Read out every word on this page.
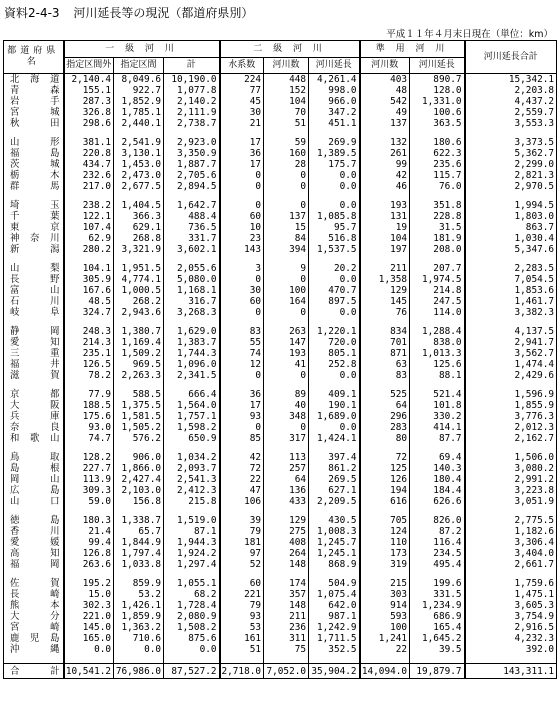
資料2-4-3 河川延長等の現況（都道府県別）
平成１１年４月末日現在（単位：km）
都道府県名	一 級 河 川			二 級 河 川			準 用 河 川		河川延長合計
	指定区間外	指定区間	計	水系数	河川数	河川延長	河川数	河川延長	
北海道	2,140.4	8,049.6	10,190.0	224	448	4,261.4	403	890.7	15,342.1
青森	155.1	922.7	1,077.8	77	152	998.0	48	128.0	2,203.8
岩手	287.3	1,852.9	2,140.2	45	104	966.0	542	1,331.0	4,437.2
宮城	326.8	1,785.1	2,111.9	30	70	347.2	49	100.6	2,559.7
秋田	298.6	2,440.1	2,738.7	21	51	451.1	137	363.5	3,553.3

山形	381.1	2,541.9	2,923.0	17	59	269.9	132	180.6	3,373.5
福島	220.8	3,130.1	3,350.9	36	160	1,389.5	261	622.3	5,362.7
茨城	434.7	1,453.0	1,887.7	17	28	175.7	99	235.6	2,299.0
栃木	232.6	2,473.0	2,705.6	0	0	0.0	42	115.7	2,821.3
群馬	217.0	2,677.5	2,894.5	0	0	0.0	46	76.0	2,970.5

埼玉	238.2	1,404.5	1,642.7	0	0	0.0	193	351.8	1,994.5
千葉	122.1	366.3	488.4	60	137	1,085.8	131	228.8	1,803.0
東京	107.4	629.1	736.5	10	15	95.7	19	31.5	863.7
神奈川	62.9	268.8	331.7	23	84	516.8	104	181.9	1,030.4
新潟	280.2	3,321.9	3,602.1	143	394	1,537.5	197	208.0	5,347.6

山梨	104.1	1,951.5	2,055.6	3	9	20.2	211	207.7	2,283.5
長野	305.9	4,774.1	5,080.0	0	0	0.0	1,358	1,974.5	7,054.5
富山	167.6	1,000.5	1,168.1	30	100	470.7	129	214.8	1,853.6
石川	48.5	268.2	316.7	60	164	897.5	145	247.5	1,461.7
岐阜	324.7	2,943.6	3,268.3	0	0	0.0	76	114.0	3,382.3

静岡	248.3	1,380.7	1,629.0	83	263	1,220.1	834	1,288.4	4,137.5
愛知	214.3	1,169.4	1,383.7	55	147	720.0	701	838.0	2,941.7
三重	235.1	1,509.2	1,744.3	74	193	805.1	871	1,013.3	3,562.7
福井	126.5	969.5	1,096.0	12	41	252.8	63	125.6	1,474.4
滋賀	78.2	2,263.3	2,341.5	0	0	0.0	83	88.1	2,429.6

京都	77.9	588.5	666.4	36	89	409.1	525	521.4	1,596.9
大阪	188.5	1,375.5	1,564.0	17	40	190.1	64	101.8	1,855.9
兵庫	175.6	1,581.5	1,757.1	93	348	1,689.0	296	330.2	3,776.3
奈良	93.0	1,505.2	1,598.2	0	0	0.0	283	414.1	2,012.3
和歌山	74.7	576.2	650.9	85	317	1,424.1	80	87.7	2,162.7

鳥取	128.2	906.0	1,034.2	42	113	397.4	72	69.4	1,506.0
島根	227.7	1,866.0	2,093.7	72	257	861.2	125	140.3	3,080.2
岡山	113.9	2,427.4	2,541.3	22	64	269.5	126	180.4	2,991.2
広島	309.3	2,103.0	2,412.3	47	136	627.1	194	184.4	3,223.8
山口	59.0	156.8	215.8	106	433	2,209.5	616	626.6	3,051.9

徳島	180.3	1,338.7	1,519.0	39	129	430.5	705	826.0	2,775.5
香川	21.4	65.7	87.1	79	275	1,008.3	124	87.2	1,182.6
愛媛	99.4	1,844.9	1,944.3	181	408	1,245.7	110	116.4	3,306.4
高知	126.8	1,797.4	1,924.2	97	264	1,245.1	173	234.5	3,404.0
福岡	263.6	1,033.8	1,297.4	52	148	868.9	319	495.4	2,661.7

佐賀	195.2	859.9	1,055.1	60	174	504.9	215	199.6	1,759.6
長崎	15.0	53.2	68.2	221	357	1,075.4	303	331.5	1,475.1
熊本	302.3	1,426.1	1,728.4	79	148	642.0	914	1,234.9	3,605.3
大分	221.0	1,859.9	2,080.9	93	211	987.1	593	686.9	3,754.9
宮崎	145.0	1,363.2	1,508.2	53	236	1,242.9	100	165.4	2,916.5
鹿児島	165.0	710.6	875.6	161	311	1,711.5	1,241	1,645.2	4,232.3
沖縄	0.0	0.0	0.0	51	75	352.5	22	39.5	392.0

合計	10,541.2	76,986.0	87,527.2	2,718.0	7,052.0	35,904.2	14,094.0	19,879.7	143,311.1
